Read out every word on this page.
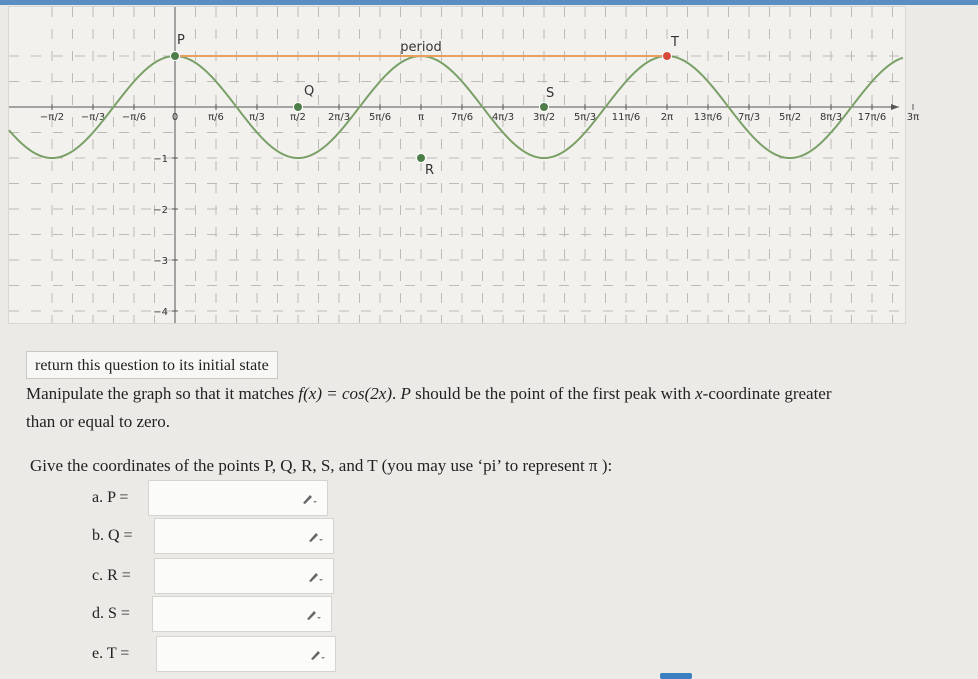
−π/2 −π/3 −π/6	0	π/6	π/3	π/2 2π/3 5π/6	π	7π/6 4π/3 3π/2 5π/3 11π/6 2π 13π/6 7π/3 5π/2 8π/3 17π/6 3π
−1
−2
−3
−4
period
P
Q
R
S
T
return this question to its initial state
Manipulate the graph so that it matches f(x) = cos(2x). P should be the point of the first peak with x-coordinate greater
than or equal to zero.
Give the coordinates of the points P, Q, R, S, and T (you may use ‘pi’ to represent π ):
a. P =
b. Q =
c. R =
d. S =
e. T =
